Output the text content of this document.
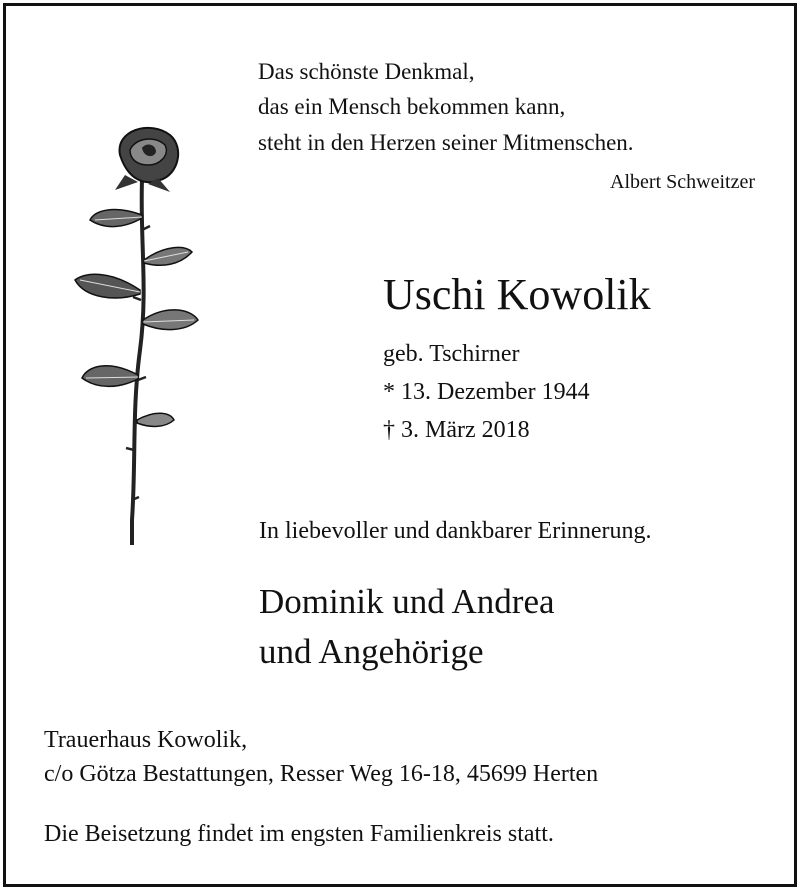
Das schönste Denkmal,
das ein Mensch bekommen kann,
steht in den Herzen seiner Mitmenschen.
Albert Schweitzer
Uschi Kowolik
geb. Tschirner
* 13. Dezember 1944
† 3. März 2018
In liebevoller und dankbarer Erinnerung.
Dominik und Andrea
und Angehörige
Trauerhaus Kowolik,
c/o Götza Bestattungen, Resser Weg 16-18, 45699 Herten
Die Beisetzung findet im engsten Familienkreis statt.
